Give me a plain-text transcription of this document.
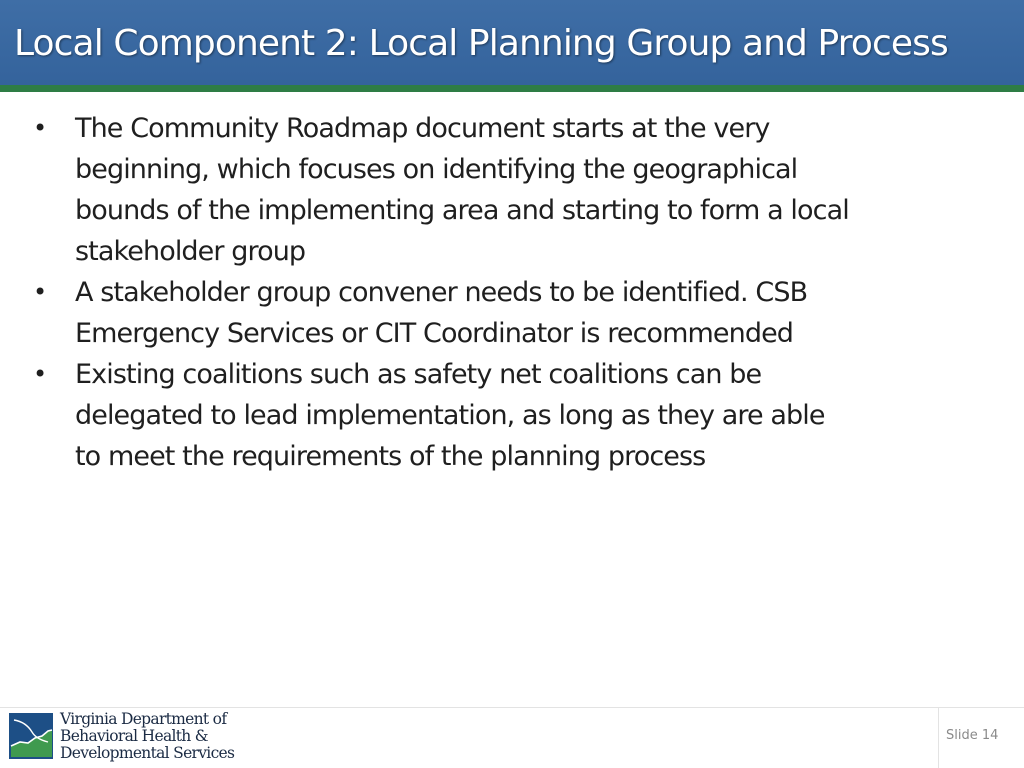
Local Component 2: Local Planning Group and Process
• The Community Roadmap document starts at the very
beginning, which focuses on identifying the geographical
bounds of the implementing area and starting to form a local
stakeholder group
• A stakeholder group convener needs to be identified. CSB
Emergency Services or CIT Coordinator is recommended
• Existing coalitions such as safety net coalitions can be
delegated to lead implementation, as long as they are able
to meet the requirements of the planning process
Virginia Department of
Behavioral Health &
Developmental Services
Slide 14
